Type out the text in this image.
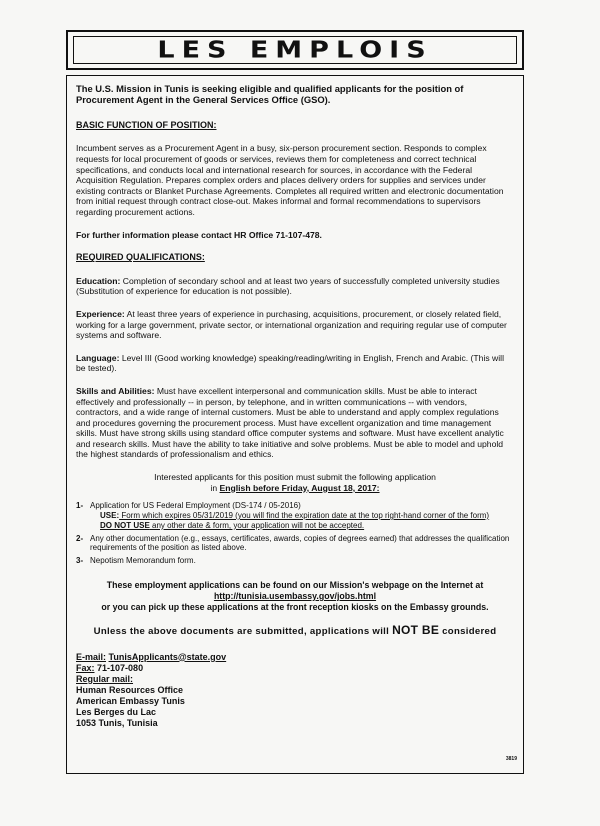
LES EMPLOIS
The U.S. Mission in Tunis is seeking eligible and qualified applicants for the position of Procurement Agent in the General Services Office (GSO).
BASIC FUNCTION OF POSITION:

Incumbent serves as a Procurement Agent in a busy, six-person procurement section. Responds to complex requests for local procurement of goods or services, reviews them for completeness and correct technical specifications, and conducts local and international research for sources, in accordance with the Federal Acquisition Regulation. Prepares complex orders and places delivery orders for supplies and services under existing contracts or Blanket Purchase Agreements. Completes all required written and electronic documentation from initial request through contract close-out. Makes informal and formal recommendations to supervisors regarding procurement actions.

For further information please contact HR Office 71-107-478.

REQUIRED QUALIFICATIONS:

Education: Completion of secondary school and at least two years of successfully completed university studies (Substitution of experience for education is not possible).

Experience: At least three years of experience in purchasing, acquisitions, procurement, or closely related field, working for a large government, private sector, or international organization and requiring regular use of computer systems and software.

Language: Level III (Good working knowledge) speaking/reading/writing in English, French and Arabic. (This will be tested).

Skills and Abilities: Must have excellent interpersonal and communication skills. Must be able to interact effectively and professionally -- in person, by telephone, and in written communications -- with vendors, contractors, and a wide range of internal customers. Must be able to understand and apply complex regulations and procedures governing the procurement process. Must have excellent organization and time management skills. Must have strong skills using standard office computer systems and software. Must have excellent analytic and research skills. Must have the ability to take initiative and solve problems. Must be able to model and uphold the highest standards of professionalism and ethics.

Interested applicants for this position must submit the following application
in English before Friday, August 18, 2017:
1- Application for US Federal Employment (DS-174 / 05-2016)
USE: Form which expires 05/31/2019 (you will find the expiration date at the top right-hand corner of the form)
DO NOT USE any other date & form, your application will not be accepted.
2- Any other documentation (e.g., essays, certificates, awards, copies of degrees earned) that addresses the qualification requirements of the position as listed above.
3- Nepotism Memorandum form.
These employment applications can be found on our Mission's webpage on the Internet at
http://tunisia.usembassy.gov/jobs.html
or you can pick up these applications at the front reception kiosks on the Embassy grounds.
Unless the above documents are submitted, applications will NOT BE considered
E-mail: TunisApplicants@state.gov
Fax: 71-107-080
Regular mail:
Human Resources Office
American Embassy Tunis
Les Berges du Lac
1053 Tunis, Tunisia
3819
